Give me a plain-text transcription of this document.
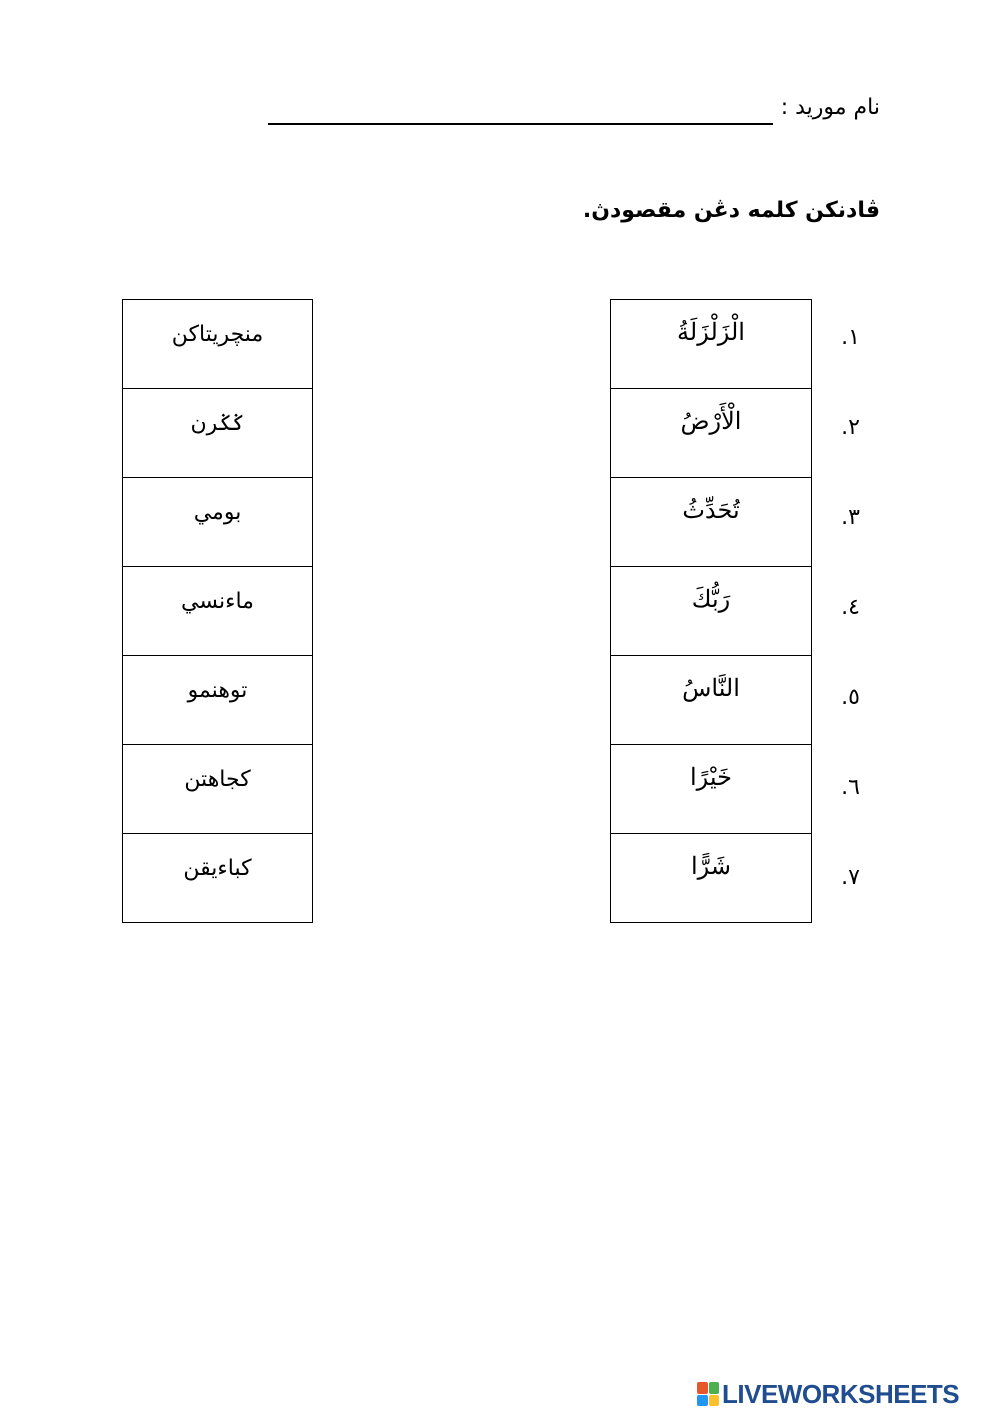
نام مورید :
ڤادنکن کلمه دڠن مقصودڽ.
١.
٢.
٣.
٤.
٥.
٦.
٧.
الْزَلْزَلَةُ
الْأَرْضُ
تُحَدِّثُ
رَبُّكَ
النَّاسُ
خَيْرًا
شَرًّا
منچريتاکن
ݢݢرن
بومي
ماءنسي
توهنمو
کجاهتن
کباءيقن
LIVEWORKSHEETS
